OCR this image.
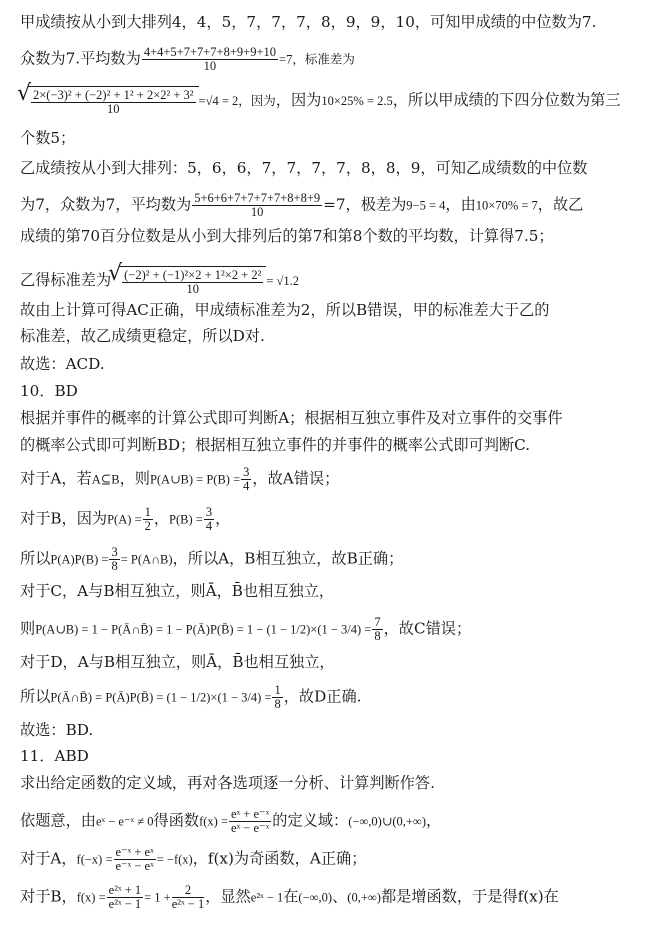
甲成绩按从小到大排列4，4，5，7，7，7，8，9，9，10，可知甲成绩的中位数为7.
众数为7.平均数为 $\frac{4+4+5+7+7+7+8+9+9+10}{10} =7$，标准差为
√ $\frac{\text{2×(−3)² + (−2)² + 1² + 2×2² + 3²}}{10} =√4 = 2$，因为，因为10×25% = 2.5，所以甲成绩的下四分位数为第三
个数5；
乙成绩按从小到大排列：5，6，6，7，7，7，7，8，8，9，可知乙成绩数的中位数
为7，众数为7，平均数为 $\frac{5+6+6+7+7+7+7+8+8+9}{10} =7$，极差为9−5 = 4，由10×70% = 7，故乙
成绩的第70百分位数是从小到大排列后的第7和第8个数的平均数，计算得7.5；
乙得标准差为
√ $\frac{\text{(−2)² + (−1)²×2 + 1²×2 + 2²}}{10} = √1.2$
故由上计算可得AC正确，甲成绩标准差为2，所以B错误，甲的标准差大于乙的
标准差，故乙成绩更稳定，所以D对.
故选：ACD.
10．BD
根据并事件的概率的计算公式即可判断A；根据相互独立事件及对立事件的交事件
的概率公式即可判断BD；根据相互独立事件的并事件的概率公式即可判断C.
对于A，若A⊆B，则P(A∪B) = $P(B) = \frac{3}{4}$ ，故A错误；
对于B，因为$P(A) = \frac{1}{2}$ ，$P(B) = \frac{3}{4}$ ，
所以$P(A)P(B) = \frac{3}{8}$ = P(A∩B)，所以A，B相互独立，故B正确；
对于C，A与B相互独立，则Ā，B̄也相互独立，
则P(A∪B) = 1 − P(Ā∩B̄) = 1 − P(Ā)P(B̄) = $1 - (1 - 1/2)\times(1 - 3/4) = \frac{7}{8}$ ，故C错误；
对于D，A与B相互独立，则Ā，B̄也相互独立，
所以P(Ā∩B̄) = P(Ā)P(B̄) = $(1 - 1/2)\times(1 - 3/4) = \frac{1}{8}$ ，故D正确.
故选：BD.
11．ABD
求出给定函数的定义域，再对各选项逐一分析、计算判断作答.
依题意，由eˣ − e⁻ˣ ≠ 0得函数$f(x) = \frac{\text{eˣ + e⁻ˣ}}{\text{eˣ − e⁻ˣ}}$ 的定义域：(−∞,0)∪(0,+∞)，
对于A，$f(-x) = \frac{\text{e⁻ˣ + eˣ}}{\text{e⁻ˣ − eˣ}} = -f(x)$，f(x)为奇函数，A正确；
对于B，$f(x) = \frac{\text{e²ˣ + 1}}{\text{e²ˣ − 1}} = 1 + \frac{2}{\text{e²ˣ − 1}}$ ，显然e²ˣ − 1在(−∞,0)、(0,+∞)都是增函数，于是得f(x)在
